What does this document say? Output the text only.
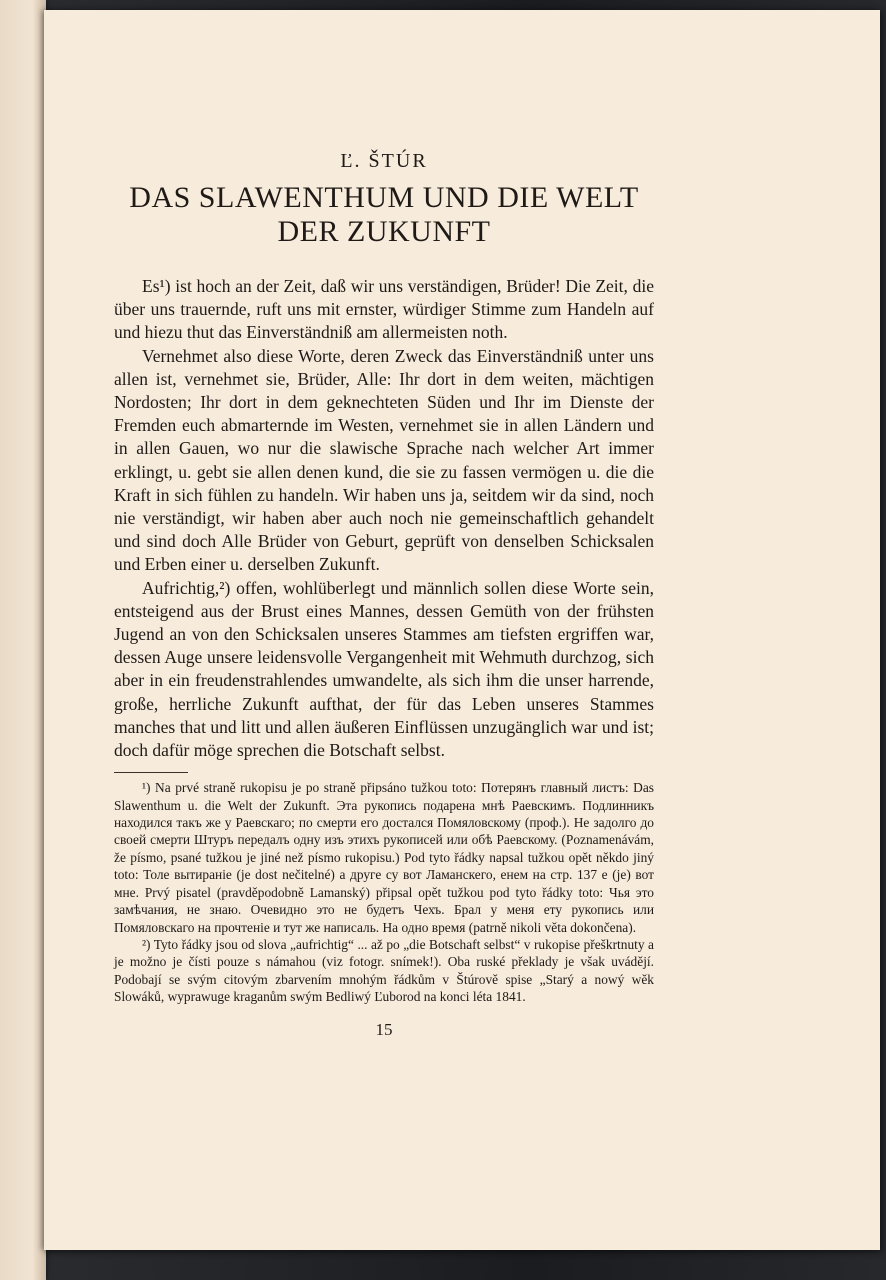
Ľ. ŠTÚR
DAS SLAWENTHUM UND DIE WELT
DER ZUKUNFT

Es¹) ist hoch an der Zeit, daß wir uns verständigen, Brüder! Die Zeit, die über uns trauernde, ruft uns mit ernster, würdiger Stimme zum Handeln auf und hiezu thut das Einverständniß am allermeisten noth.

Vernehmet also diese Worte, deren Zweck das Einverständniß unter uns allen ist, vernehmet sie, Brüder, Alle: Ihr dort in dem weiten, mächtigen Nordosten; Ihr dort in dem geknechteten Süden und Ihr im Dienste der Fremden euch abmarternde im Westen, vernehmet sie in allen Ländern und in allen Gauen, wo nur die slawische Sprache nach welcher Art immer erklingt, u. gebt sie allen denen kund, die sie zu fassen vermögen u. die die Kraft in sich fühlen zu handeln. Wir haben uns ja, seitdem wir da sind, noch nie verständigt, wir haben aber auch noch nie gemeinschaftlich gehandelt und sind doch Alle Brüder von Geburt, geprüft von denselben Schicksalen und Erben einer u. derselben Zukunft.

Aufrichtig,²) offen, wohlüberlegt und männlich sollen diese Worte sein, entsteigend aus der Brust eines Mannes, dessen Gemüth von der frühsten Jugend an von den Schicksalen unseres Stammes am tiefsten ergriffen war, dessen Auge unsere leidensvolle Vergangenheit mit Wehmuth durchzog, sich aber in ein freudenstrahlendes umwandelte, als sich ihm die unser harrende, große, herrliche Zukunft aufthat, der für das Leben unseres Stammes manches that und litt und allen äußeren Einflüssen unzugänglich war und ist; doch dafür möge sprechen die Botschaft selbst.

¹) Na prvé straně rukopisu je po straně připsáno tužkou toto: Потерянъ главный листъ: Das Slawenthum u. die Welt der Zukunft. Эта рукопись подарена мнѣ Раевскимъ. Подлинникъ находился такъ же у Раевскаго; по смерти его достался Помяловскому (проф.). Не задолго до своей смерти Штуръ передалъ одну изъ этихъ рукописей или обѣ Раевскому. (Poznamenávám, že písmo, psané tužkou je jiné než písmo rukopisu.) Pod tyto řádky napsal tužkou opět někdo jiný toto: Толе вытиранiе (je dost nečitelné) а друге су вот Ламанскего, енем на стр. 137 е (je) вот мне. Prvý pisatel (pravděpodobně Lamanský) připsal opět tužkou pod tyto řádky toto: Чья это замѣчания, не знаю. Очевидно это не будетъ Чехъ. Брал у меня ету рукопись или Помяловскаго на прочтенiе и тут же написаль. На одно время (patrně nikoli věta dokončena).

²) Tyto řádky jsou od slova „aufrichtig“ ... až po „die Botschaft selbst“ v rukopise přeškrtnuty a je možno je čísti pouze s námahou (viz fotogr. snímek!). Oba ruské překlady je však uvádějí. Podobají se svým citovým zbarvením mnohým řádkům v Štúrově spise „Starý a nowý wěk Slowáků, wyprawuge kraganům swým Bedliwý Ľuborod na konci léta 1841.

15
